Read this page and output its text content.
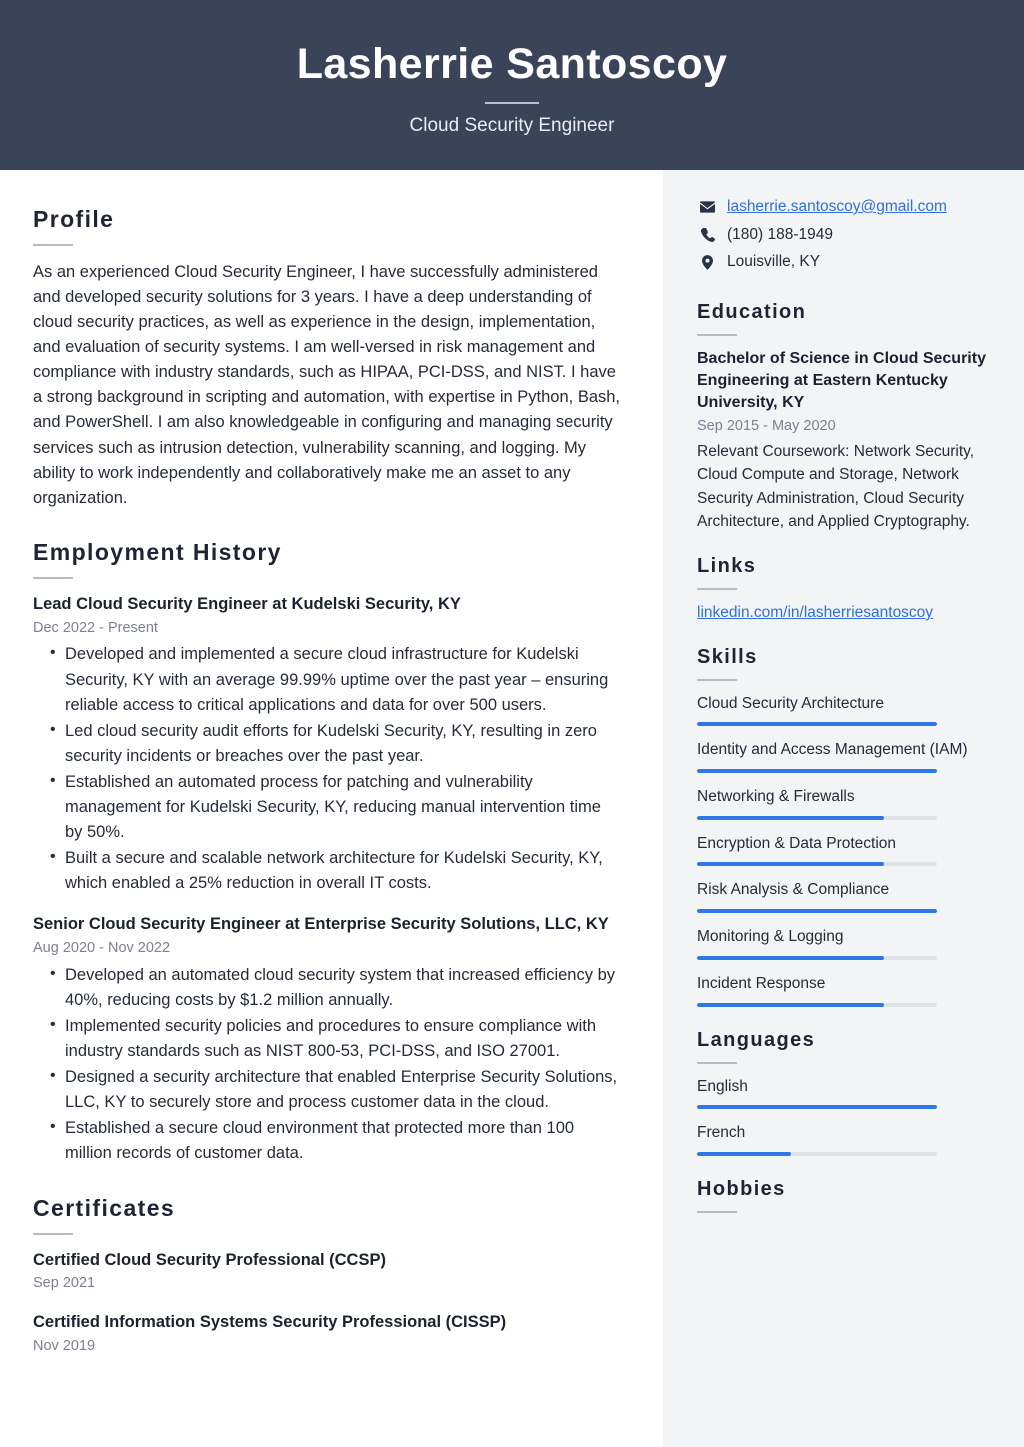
Lasherrie Santoscoy
Cloud Security Engineer
Profile
As an experienced Cloud Security Engineer, I have successfully administered and developed security solutions for 3 years. I have a deep understanding of cloud security practices, as well as experience in the design, implementation, and evaluation of security systems. I am well-versed in risk management and compliance with industry standards, such as HIPAA, PCI-DSS, and NIST. I have a strong background in scripting and automation, with expertise in Python, Bash, and PowerShell. I am also knowledgeable in configuring and managing security services such as intrusion detection, vulnerability scanning, and logging. My ability to work independently and collaboratively make me an asset to any organization.
Employment History
Lead Cloud Security Engineer at Kudelski Security, KY
Dec 2022 - Present
• Developed and implemented a secure cloud infrastructure for Kudelski Security, KY with an average 99.99% uptime over the past year – ensuring reliable access to critical applications and data for over 500 users.
• Led cloud security audit efforts for Kudelski Security, KY, resulting in zero security incidents or breaches over the past year.
• Established an automated process for patching and vulnerability management for Kudelski Security, KY, reducing manual intervention time by 50%.
• Built a secure and scalable network architecture for Kudelski Security, KY, which enabled a 25% reduction in overall IT costs.
Senior Cloud Security Engineer at Enterprise Security Solutions, LLC, KY
Aug 2020 - Nov 2022
• Developed an automated cloud security system that increased efficiency by 40%, reducing costs by $1.2 million annually.
• Implemented security policies and procedures to ensure compliance with industry standards such as NIST 800-53, PCI-DSS, and ISO 27001.
• Designed a security architecture that enabled Enterprise Security Solutions, LLC, KY to securely store and process customer data in the cloud.
• Established a secure cloud environment that protected more than 100 million records of customer data.
Certificates
Certified Cloud Security Professional (CCSP)
Sep 2021
Certified Information Systems Security Professional (CISSP)
Nov 2019
lasherrie.santoscoy@gmail.com
(180) 188-1949
Louisville, KY
Education
Bachelor of Science in Cloud Security Engineering at Eastern Kentucky University, KY
Sep 2015 - May 2020
Relevant Coursework: Network Security, Cloud Compute and Storage, Network Security Administration, Cloud Security Architecture, and Applied Cryptography.
Links
linkedin.com/in/lasherriesantoscoy
Skills
Cloud Security Architecture
Identity and Access Management (IAM)
Networking & Firewalls
Encryption & Data Protection
Risk Analysis & Compliance
Monitoring & Logging
Incident Response
Languages
English
French
Hobbies
